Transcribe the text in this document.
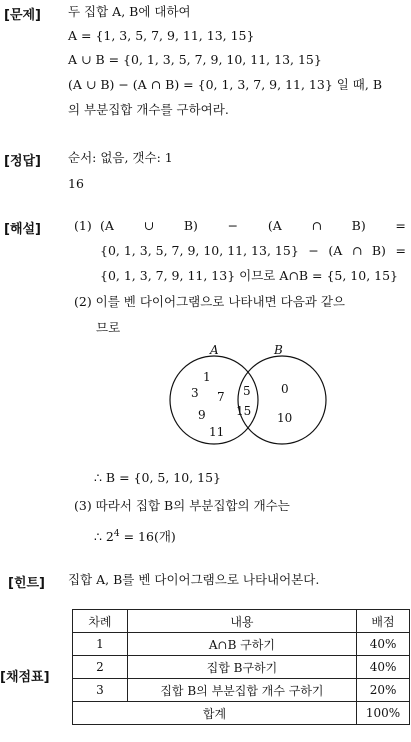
[문제] 두 집합 A, B에 대하여
A = {1, 3, 5, 7, 9, 11, 13, 15}
A ∪ B = {0, 1, 3, 5, 7, 9, 10, 11, 13, 15}
(A ∪ B) − (A ∩ B) = {0, 1, 3, 7, 9, 11, 13} 일 때, B
의 부분집합 개수를 구하여라.
[정답] 순서: 없음, 갯수: 1
16
[해설]	(1) (A ∪ B) − (A ∩ B) =
{0, 1, 3, 5, 7, 9, 10, 11, 13, 15} − (A ∩ B) =
{0, 1, 3, 7, 9, 11, 13} 이므로 A∩B = {5, 10, 15}
(2) 이를 벤 다이어그램으로 나타내면 다음과 같으
므로
A	B
1
3 7
9
11
5
15
0
10
∴ B = {0, 5, 10, 15}
(3) 따라서 집합 B의 부분집합의 개수는
∴ $2^4 = 16$(개)
[힌트] 집합 A, B를 벤 다이어그램으로 나타내어본다.
[채점표]
차례	내용	배점
1	A∩B 구하기	40%
2	집합 B구하기	40%
3	집합 B의 부분집합 개수 구하기	20%
합계		100%
